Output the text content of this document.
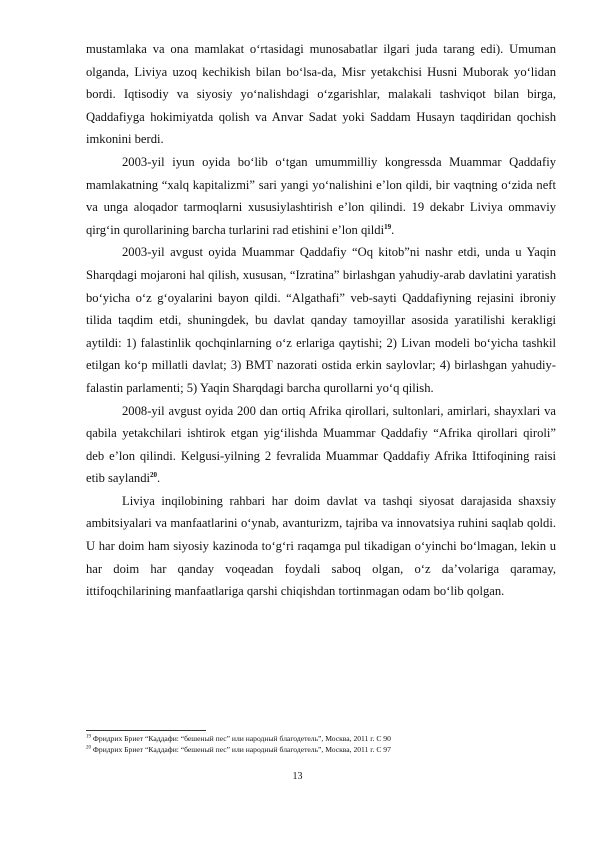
mustamlaka va ona mamlakat o‘rtasidagi munosabatlar ilgari juda tarang edi). Umuman olganda, Liviya uzoq kechikish bilan bo‘lsa-da, Misr yetakchisi Husni Muborak yo‘lidan bordi. Iqtisodiy va siyosiy yo‘nalishdagi o‘zgarishlar, malakali tashviqot bilan birga, Qaddafiyga hokimiyatda qolish va Anvar Sadat yoki Saddam Husayn taqdiridan qochish imkonini berdi.

2003-yil iyun oyida bo‘lib o‘tgan umummilliy kongressda Muammar Qaddafiy mamlakatning “xalq kapitalizmi” sari yangi yo‘nalishini e’lon qildi, bir vaqtning o‘zida neft va unga aloqador tarmoqlarni xususiylashtirish e’lon qilindi. 19 dekabr Liviya ommaviy qirg‘in qurollarining barcha turlarini rad etishini e’lon qildi$^{19}$.

2003-yil avgust oyida Muammar Qaddafiy “Oq kitob”ni nashr etdi, unda u Yaqin Sharqdagi mojaroni hal qilish, xususan, “Izratina” birlashgan yahudiy-arab davlatini yaratish bo‘yicha o‘z g‘oyalarini bayon qildi. “Algathafi” veb-sayti Qaddafiyning rejasini ibroniy tilida taqdim etdi, shuningdek, bu davlat qanday tamoyillar asosida yaratilishi kerakligi aytildi: 1) falastinlik qochqinlarning o‘z erlariga qaytishi; 2) Livan modeli bo‘yicha tashkil etilgan ko‘p millatli davlat; 3) BMT nazorati ostida erkin saylovlar; 4) birlashgan yahudiy-falastin parlamenti; 5) Yaqin Sharqdagi barcha qurollarni yo‘q qilish.

2008-yil avgust oyida 200 dan ortiq Afrika qirollari, sultonlari, amirlari, shayxlari va qabila yetakchilari ishtirok etgan yig‘ilishda Muammar Qaddafiy “Afrika qirollari qiroli” deb e’lon qilindi. Kelgusi-yilning 2 fevralida Muammar Qaddafiy Afrika Ittifoqining raisi etib saylandi$^{20}$.

Liviya inqilobining rahbari har doim davlat va tashqi siyosat darajasida shaxsiy ambitsiyalari va manfaatlarini o‘ynab, avanturizm, tajriba va innovatsiya ruhini saqlab qoldi. U har doim ham siyosiy kazinoda to‘g‘ri raqamga pul tikadigan o‘yinchi bo‘lmagan, lekin u har doim har qanday voqeadan foydali saboq olgan, o‘z da’volariga qaramay, ittifoqchilarining manfaatlariga qarshi chiqishdan tortinmagan odam bo‘lib qolgan.

$^{19}$ Фридрих Бриет “Каддафи: “бешеный пес” или народный благодетель”, Москва, 2011 г. С 90
$^{20}$ Фридрих Бриет “Каддафи: “бешеный пес” или народный благодетель”, Москва, 2011 г. С 97
13
